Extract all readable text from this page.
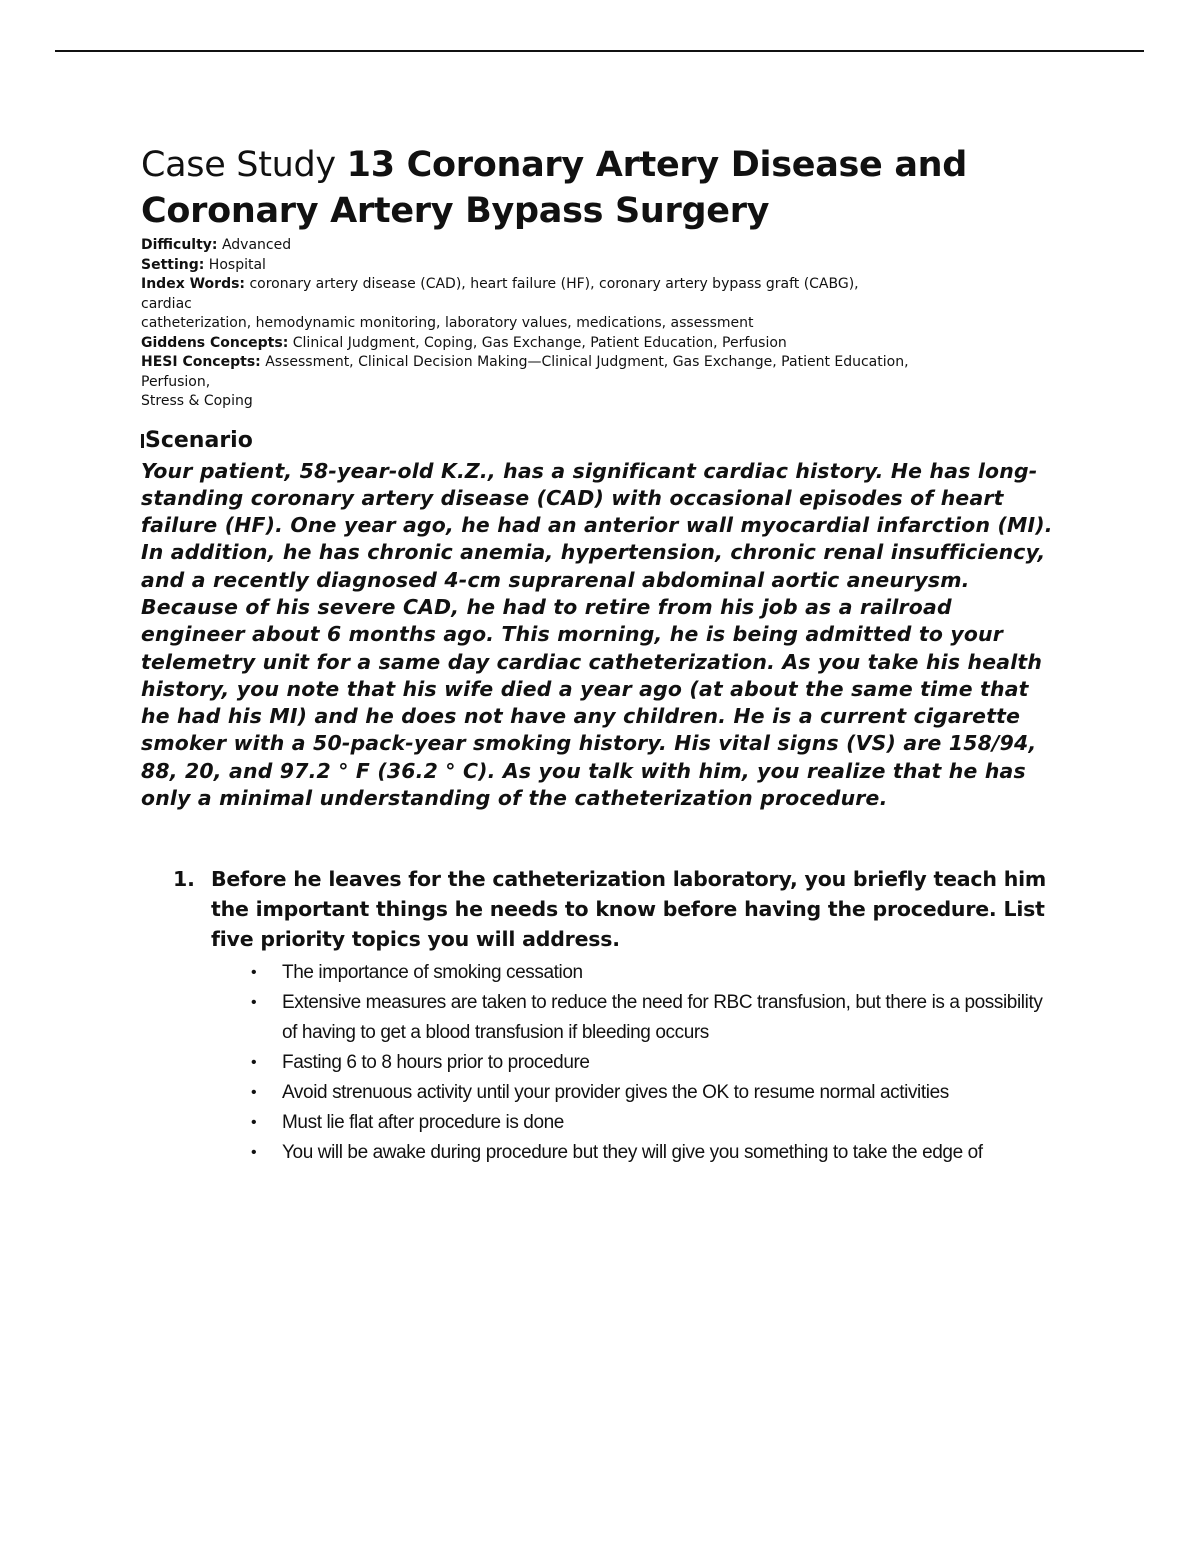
Case Study 13 Coronary Artery Disease and Coronary Artery Bypass Surgery
Difficulty: Advanced
Setting: Hospital
Index Words: coronary artery disease (CAD), heart failure (HF), coronary artery bypass graft (CABG),
cardiac
catheterization, hemodynamic monitoring, laboratory values, medications, assessment
Giddens Concepts: Clinical Judgment, Coping, Gas Exchange, Patient Education, Perfusion
HESI Concepts: Assessment, Clinical Decision Making—Clinical Judgment, Gas Exchange, Patient Education,
Perfusion,
Stress & Coping
Scenario

Your patient, 58-year-old K.Z., has a significant cardiac history. He has long-standing coronary artery disease (CAD) with occasional episodes of heart failure (HF). One year ago, he had an anterior wall myocardial infarction (MI). In addition, he has chronic anemia, hypertension, chronic renal insufficiency, and a recently diagnosed 4-cm suprarenal abdominal aortic aneurysm. Because of his severe CAD, he had to retire from his job as a railroad engineer about 6 months ago. This morning, he is being admitted to your telemetry unit for a same day cardiac catheterization. As you take his health history, you note that his wife died a year ago (at about the same time that he had his MI) and he does not have any children. He is a current cigarette smoker with a 50-pack-year smoking history. His vital signs (VS) are 158/94, 88, 20, and 97.2 ° F (36.2 ° C). As you talk with him, you realize that he has only a minimal understanding of the catheterization procedure.

1. Before he leaves for the catheterization laboratory, you briefly teach him the important things he needs to know before having the procedure. List five priority topics you will address.
• The importance of smoking cessation
• Extensive measures are taken to reduce the need for RBC transfusion, but there is a possibility of having to get a blood transfusion if bleeding occurs
• Fasting 6 to 8 hours prior to procedure
• Avoid strenuous activity until your provider gives the OK to resume normal activities
• Must lie flat after procedure is done
• You will be awake during procedure but they will give you something to take the edge of
